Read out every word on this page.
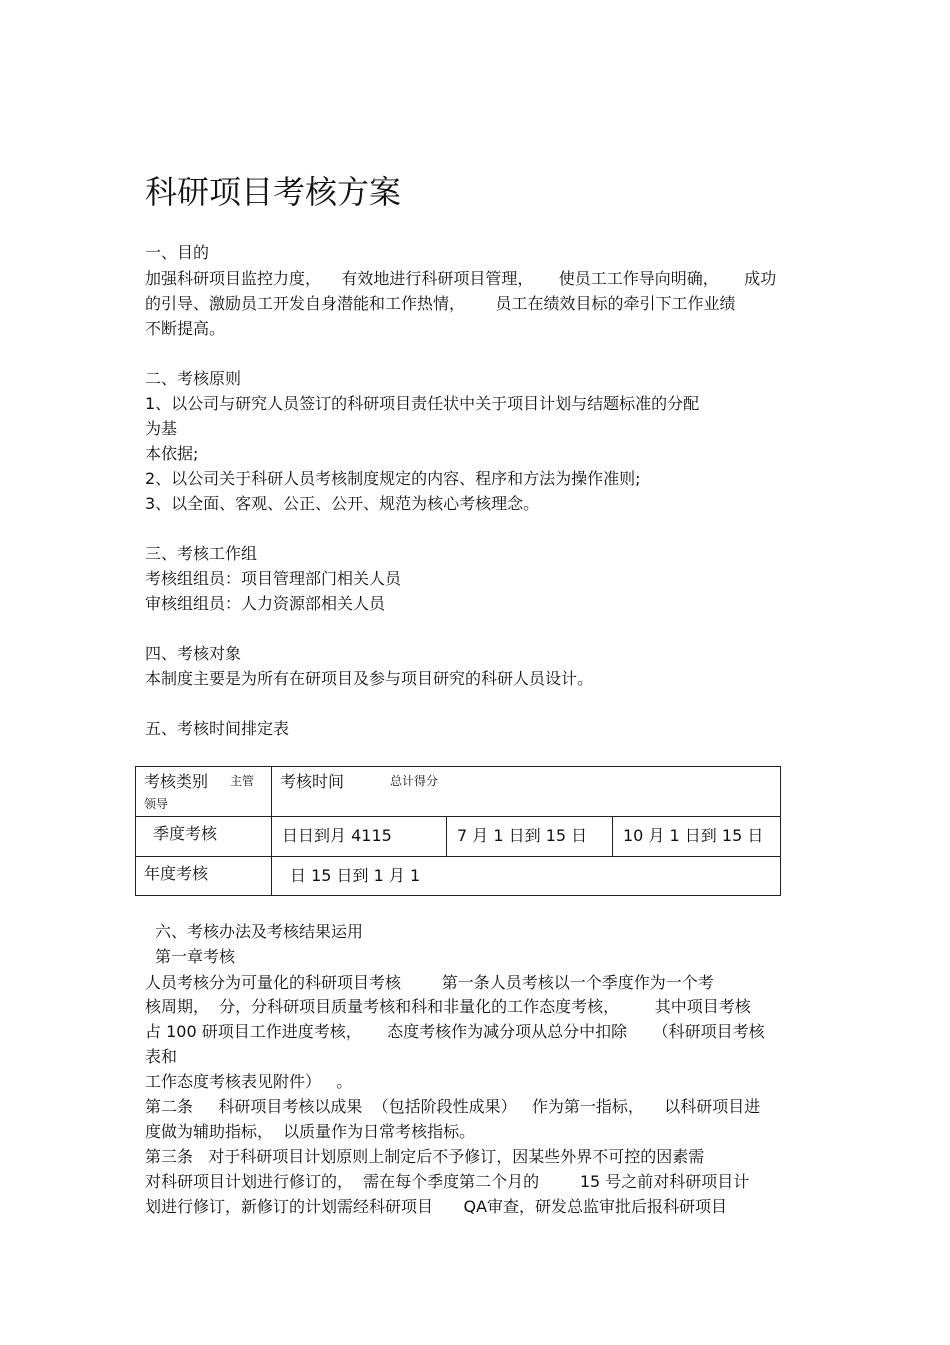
科研项目考核方案
一、目的
加强科研项目监控力度，    有效地进行科研项目管理，     使员工工作导向明确，     成功
的引导、激励员工开发自身潜能和工作热情，      员工在绩效目标的牵引下工作业绩
不断提高。
二、考核原则
1、以公司与研究人员签订的科研项目责任状中关于项目计划与结题标准的分配
为基
本依据;
2、以公司关于科研人员考核制度规定的内容、程序和方法为操作准则;
3、以全面、客观、公正、公开、规范为核心考核理念。
三、考核工作组
考核组组员：项目管理部门相关人员
审核组组员：人力资源部相关人员
四、考核对象
本制度主要是为所有在研项目及参与项目研究的科研人员设计。
五、考核时间排定表
考核类别 主管
领导	考核时间 总计得分		

季度考核	日日到月 4115	7 月 1 日到 15 日	10 月 1 日到 15 日

年度考核	日 15 日到 1 月 1		
六、考核办法及考核结果运用
第一章考核
人员考核分为可量化的科研项目考核        第一条人员考核以一个季度作为一个考
核周期，  分，分科研项目质量考核和科和非量化的工作态度考核，       其中项目考核
占 100 研项目工作进度考核，     态度考核作为减分项从总分中扣除     （科研项目考核
表和
工作态度考核表见附件）   。
第二条     科研项目考核以成果  （包括阶段性成果）   作为第一指标，    以科研项目进
度做为辅助指标，  以质量作为日常考核指标。
第三条   对于科研项目计划原则上制定后不予修订，因某些外界不可控的因素需
对科研项目计划进行修订的，  需在每个季度第二个月的        15 号之前对科研项目计
划进行修订，新修订的计划需经科研项目      QA审查，研发总监审批后报科研项目
